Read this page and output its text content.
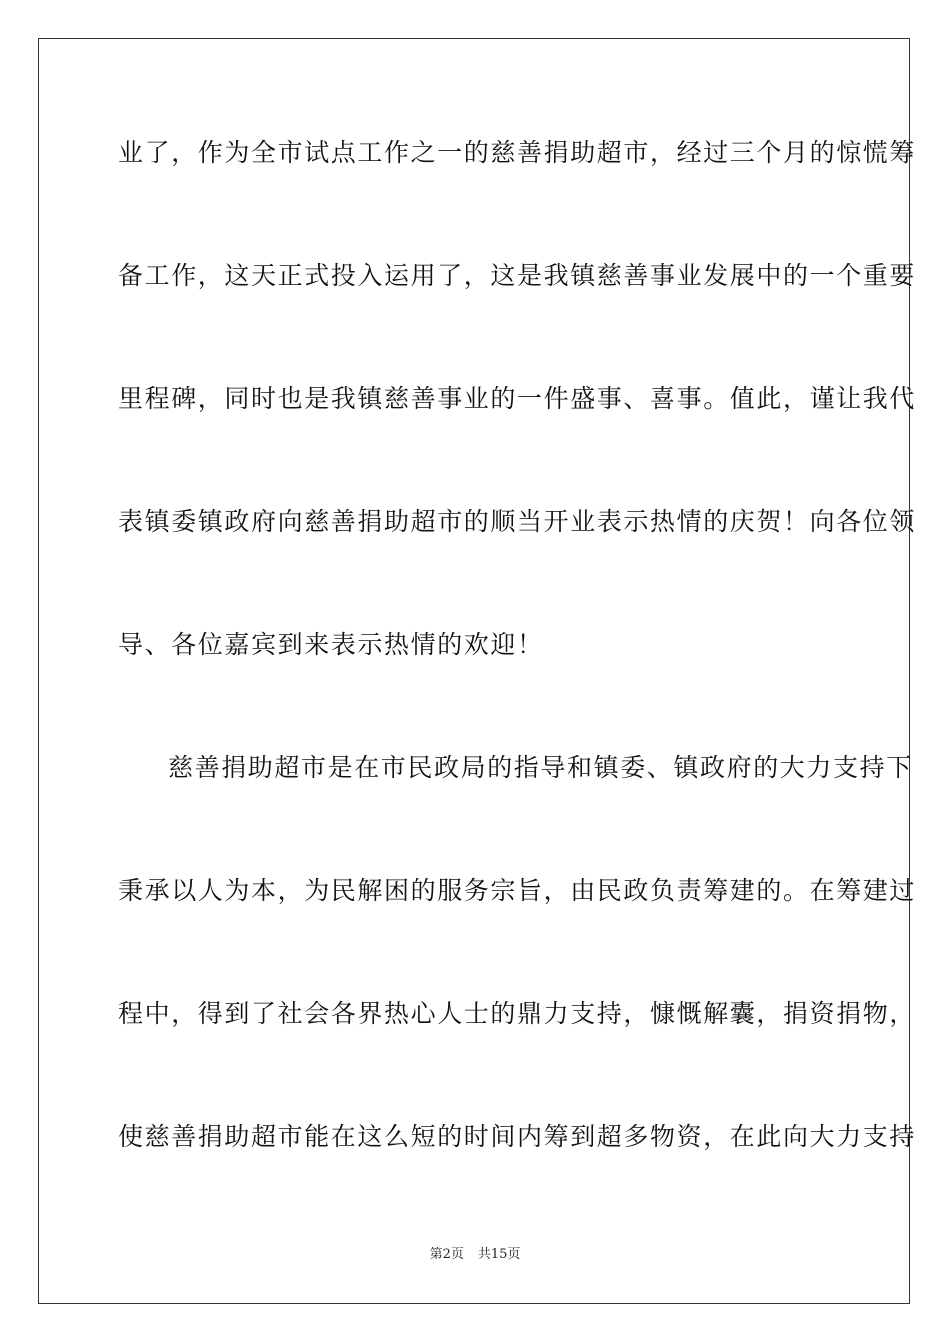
业了，作为全市试点工作之一的慈善捐助超市，经过三个月的惊慌筹
备工作，这天正式投入运用了，这是我镇慈善事业发展中的一个重要
里程碑，同时也是我镇慈善事业的一件盛事、喜事。值此，谨让我代
表镇委镇政府向慈善捐助超市的顺当开业表示热情的庆贺！向各位领
导、各位嘉宾到来表示热情的欢迎！
慈善捐助超市是在市民政局的指导和镇委、镇政府的大力支持下
秉承以人为本，为民解困的服务宗旨，由民政负责筹建的。在筹建过
程中，得到了社会各界热心人士的鼎力支持，慷慨解囊，捐资捐物，
使慈善捐助超市能在这么短的时间内筹到超多物资，在此向大力支持
第2页 共15页
